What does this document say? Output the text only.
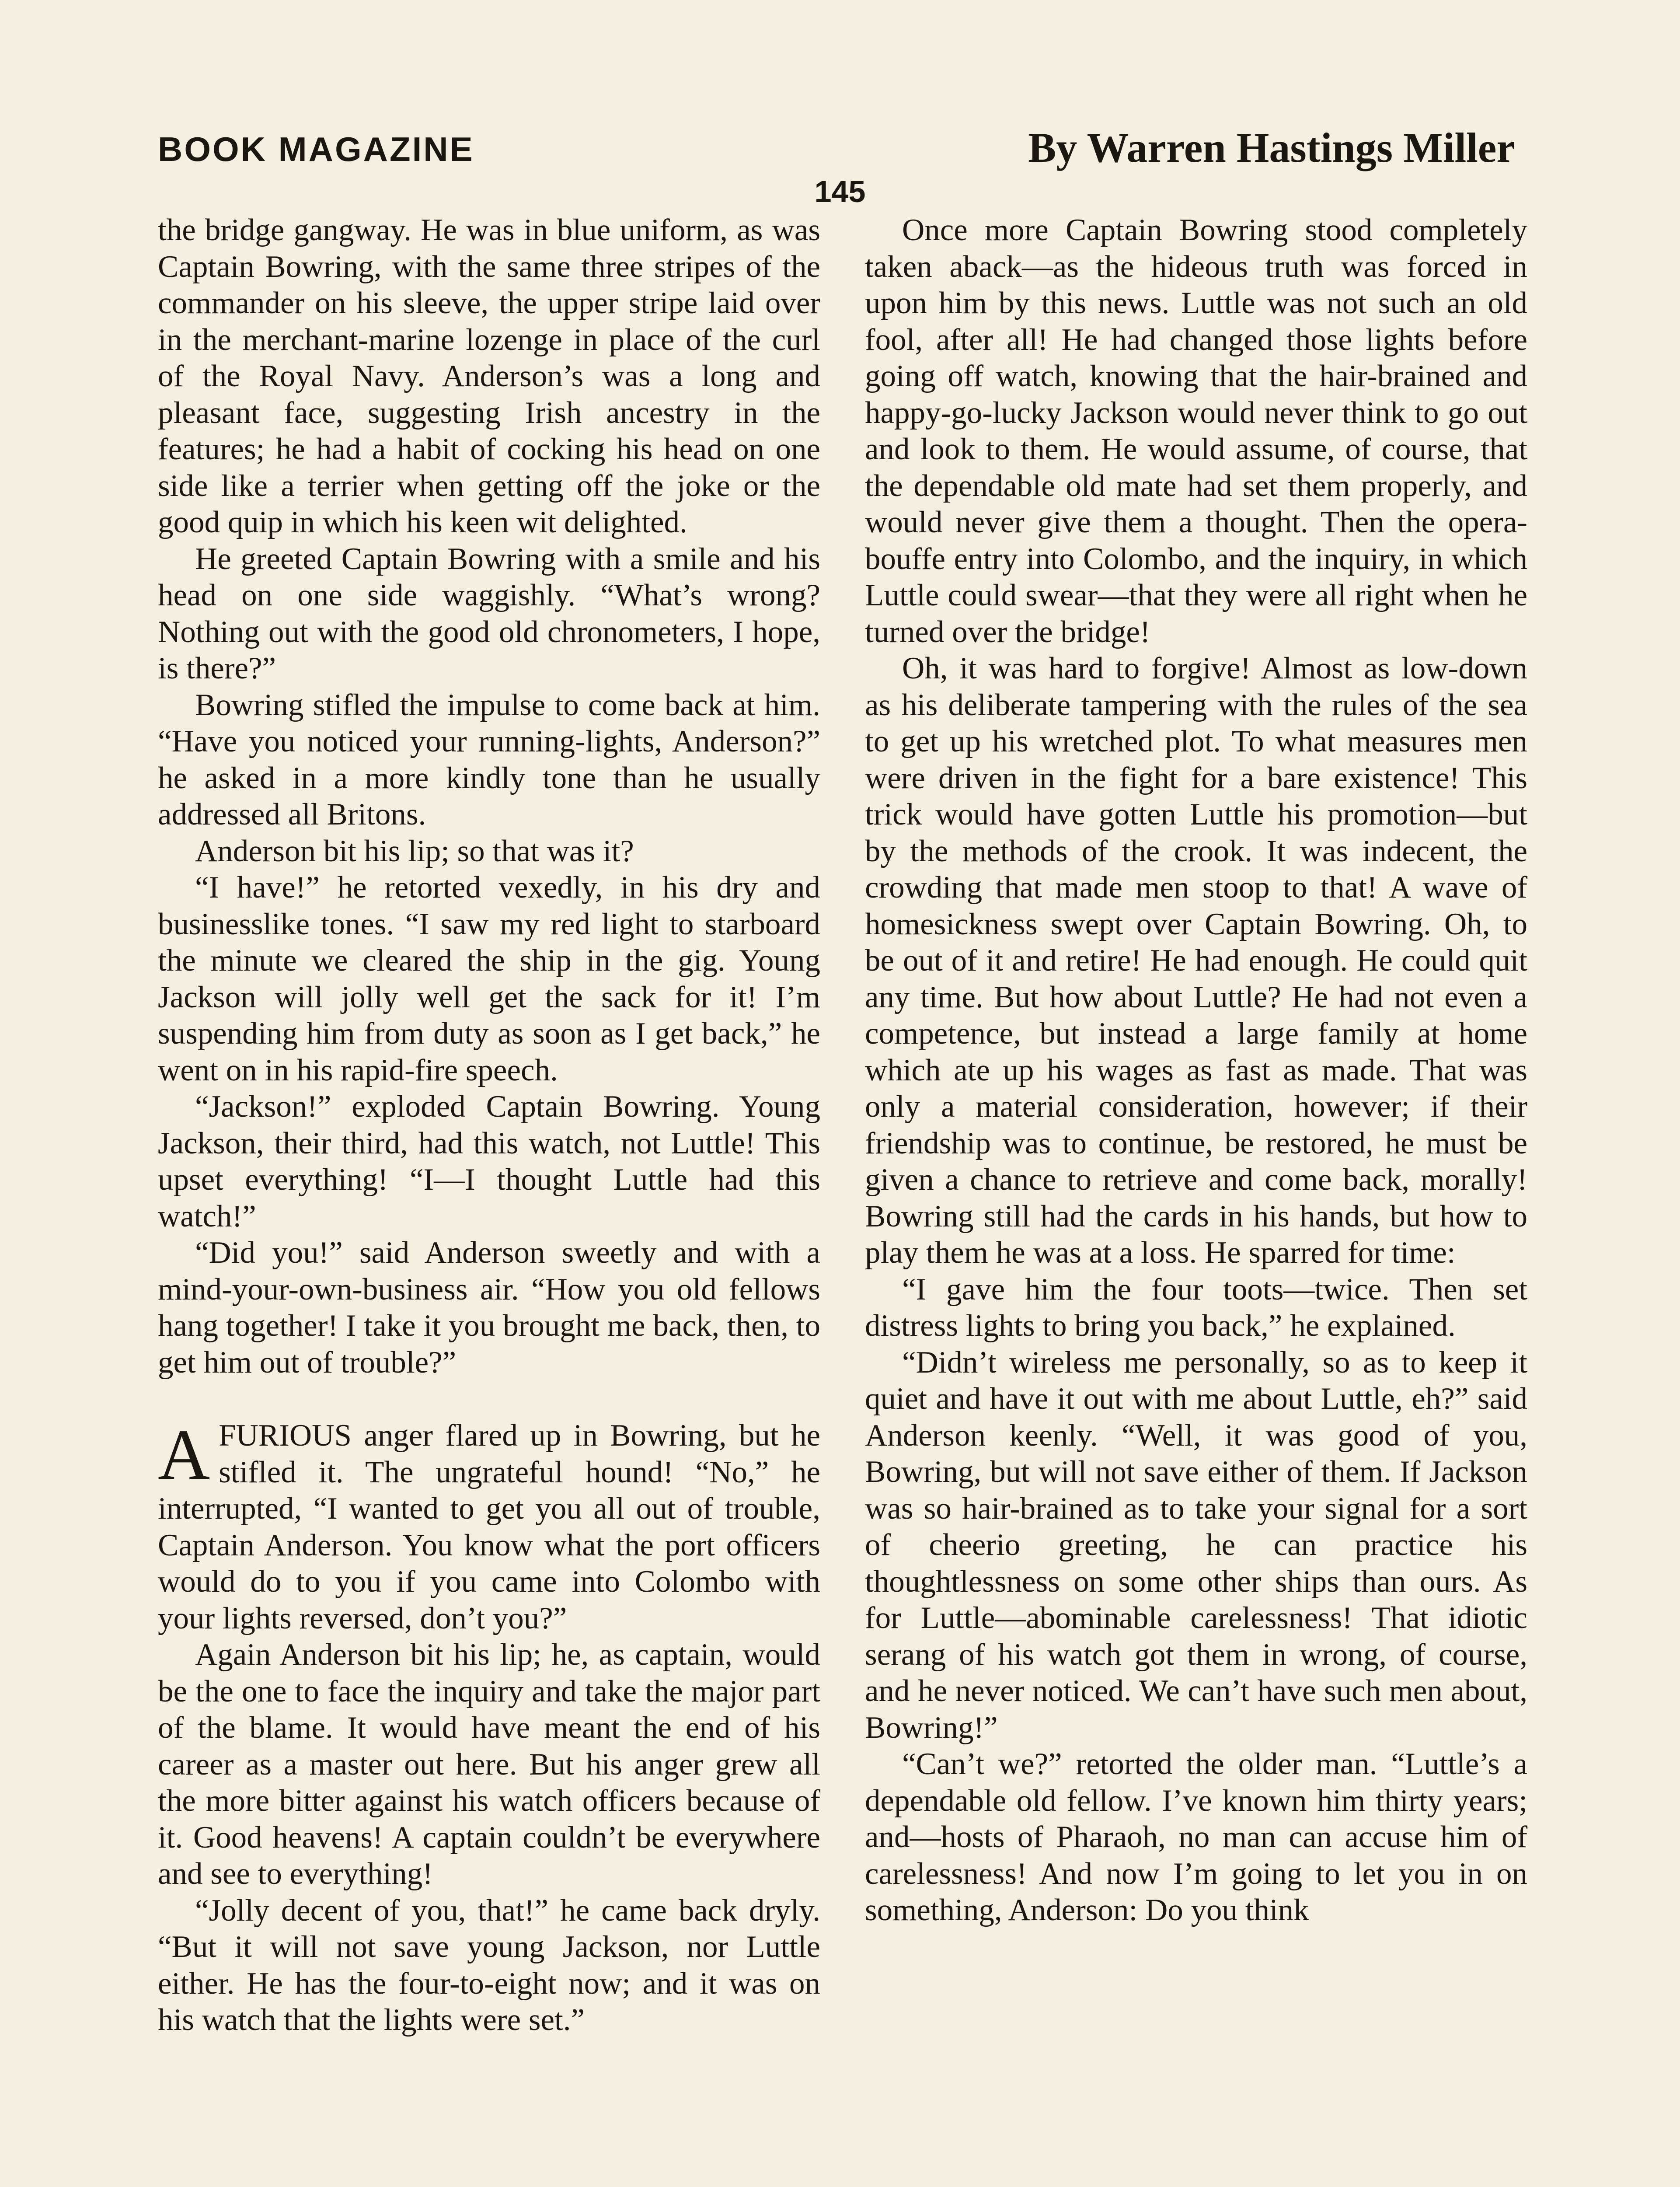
BOOK MAGAZINE	By Warren Hastings Miller
145

the bridge gangway. He was in blue uniform, as was Captain Bowring, with the same three stripes of the commander on his sleeve, the upper stripe laid over in the merchant-marine lozenge in place of the curl of the Royal Navy. Anderson’s was a long and pleasant face, suggesting Irish ancestry in the features; he had a habit of cocking his head on one side like a terrier when getting off the joke or the good quip in which his keen wit delighted.

He greeted Captain Bowring with a smile and his head on one side waggishly. “What’s wrong? Nothing out with the good old chronometers, I hope, is there?”

Bowring stifled the impulse to come back at him. “Have you noticed your running-lights, Anderson?” he asked in a more kindly tone than he usually addressed all Britons.

Anderson bit his lip; so that was it?

“I have!” he retorted vexedly, in his dry and businesslike tones. “I saw my red light to starboard the minute we cleared the ship in the gig. Young Jackson will jolly well get the sack for it! I’m suspending him from duty as soon as I get back,” he went on in his rapid-fire speech.

“Jackson!” exploded Captain Bowring. Young Jackson, their third, had this watch, not Luttle! This upset everything! “I—I thought Luttle had this watch!”

“Did you!” said Anderson sweetly and with a mind-your-own-business air. “How you old fellows hang together! I take it you brought me back, then, to get him out of trouble?”

AFURIOUS anger flared up in Bowring, but he stifled it. The ungrateful hound! “No,” he interrupted, “I wanted to get you all out of trouble, Captain Anderson. You know what the port officers would do to you if you came into Colombo with your lights reversed, don’t you?”

Again Anderson bit his lip; he, as captain, would be the one to face the inquiry and take the major part of the blame. It would have meant the end of his career as a master out here. But his anger grew all the more bitter against his watch officers because of it. Good heavens! A captain couldn’t be everywhere and see to everything!

“Jolly decent of you, that!” he came back dryly. “But it will not save young Jackson, nor Luttle either. He has the four-to-eight now; and it was on his watch that the lights were set.”

Once more Captain Bowring stood completely taken aback—as the hideous truth was forced in upon him by this news. Luttle was not such an old fool, after all! He had changed those lights before going off watch, knowing that the hair-brained and happy-go-lucky Jackson would never think to go out and look to them. He would assume, of course, that the dependable old mate had set them properly, and would never give them a thought. Then the opera-bouffe entry into Colombo, and the inquiry, in which Luttle could swear—that they were all right when he turned over the bridge!

Oh, it was hard to forgive! Almost as low-down as his deliberate tampering with the rules of the sea to get up his wretched plot. To what measures men were driven in the fight for a bare existence! This trick would have gotten Luttle his promotion—but by the methods of the crook. It was indecent, the crowding that made men stoop to that! A wave of homesickness swept over Captain Bowring. Oh, to be out of it and retire! He had enough. He could quit any time. But how about Luttle? He had not even a competence, but instead a large family at home which ate up his wages as fast as made. That was only a material consideration, however; if their friendship was to continue, be restored, he must be given a chance to retrieve and come back, morally! Bowring still had the cards in his hands, but how to play them he was at a loss. He sparred for time:

“I gave him the four toots—twice. Then set distress lights to bring you back,” he explained.

“Didn’t wireless me personally, so as to keep it quiet and have it out with me about Luttle, eh?” said Anderson keenly. “Well, it was good of you, Bowring, but will not save either of them. If Jackson was so hair-brained as to take your signal for a sort of cheerio greeting, he can practice his thoughtlessness on some other ships than ours. As for Luttle—abominable carelessness! That idiotic serang of his watch got them in wrong, of course, and he never noticed. We can’t have such men about, Bowring!”

“Can’t we?” retorted the older man. “Luttle’s a dependable old fellow. I’ve known him thirty years; and—hosts of Pharaoh, no man can accuse him of carelessness! And now I’m going to let you in on something, Anderson: Do you think
